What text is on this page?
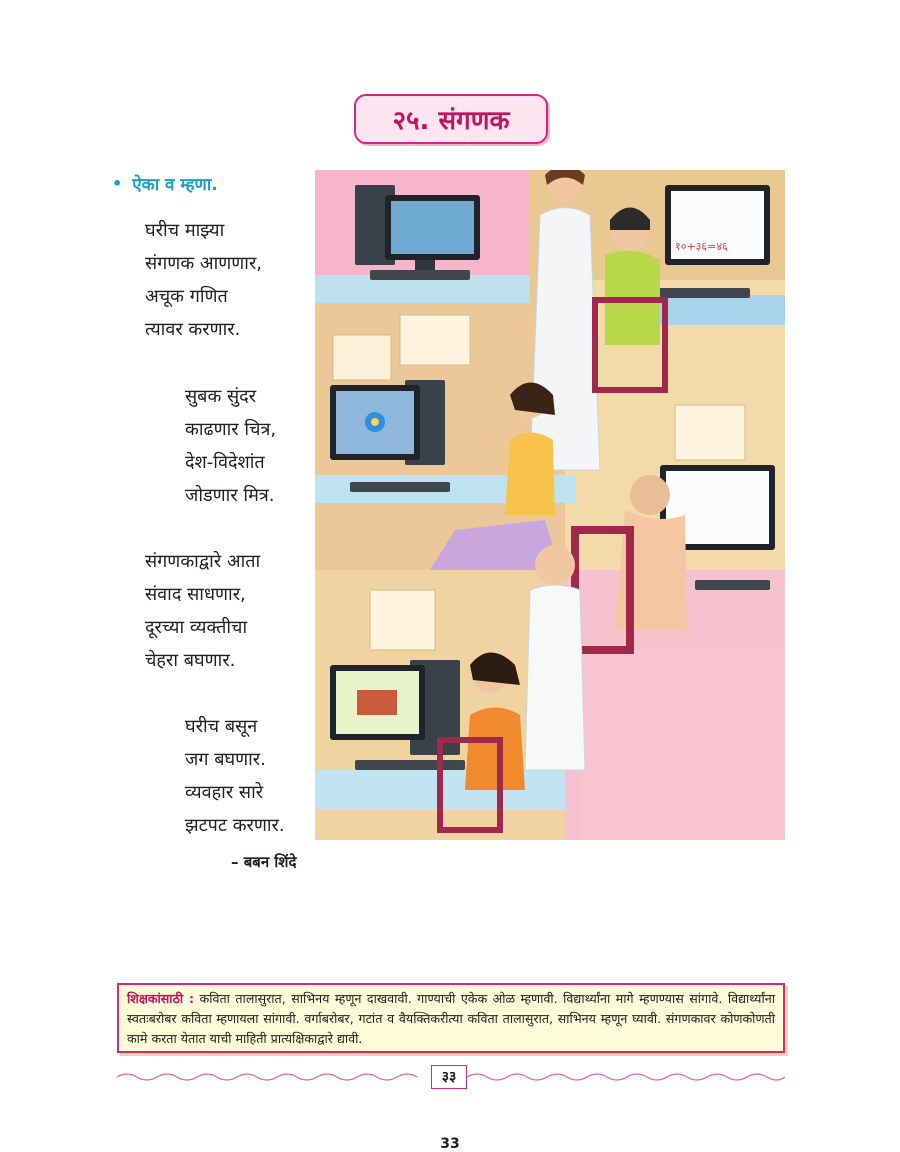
२५. संगणक
• ऐका व म्हणा.
घरीच माझ्या
संगणक आणणार,
अचूक गणित
त्यावर करणार.
सुबक सुंदर
काढणार चित्र,
देश-विदेशांत
जोडणार मित्र.
संगणकाद्वारे आता
संवाद साधणार,
दूरच्या व्यक्तीचा
चेहरा बघणार.
घरीच बसून
जग बघणार.
व्यवहार सारे
झटपट करणार.
– बबन शिंदे
१०+३६=४६
शिक्षकांसाठी : कविता तालासुरात, साभिनय म्हणून दाखवावी. गाण्याची एकेक ओळ म्हणावी. विद्यार्थ्यांना मागे म्हणण्यास सांगावे. विद्यार्थ्यांना स्वतःबरोबर कविता म्हणायला सांगावी. वर्गाबरोबर, गटांत व वैयक्तिकरीत्या कविता तालासुरात, साभिनय म्हणून घ्यावी. संगणकावर कोणकोणती कामे करता येतात याची माहिती प्रात्यक्षिकाद्वारे द्यावी.
३३
33
